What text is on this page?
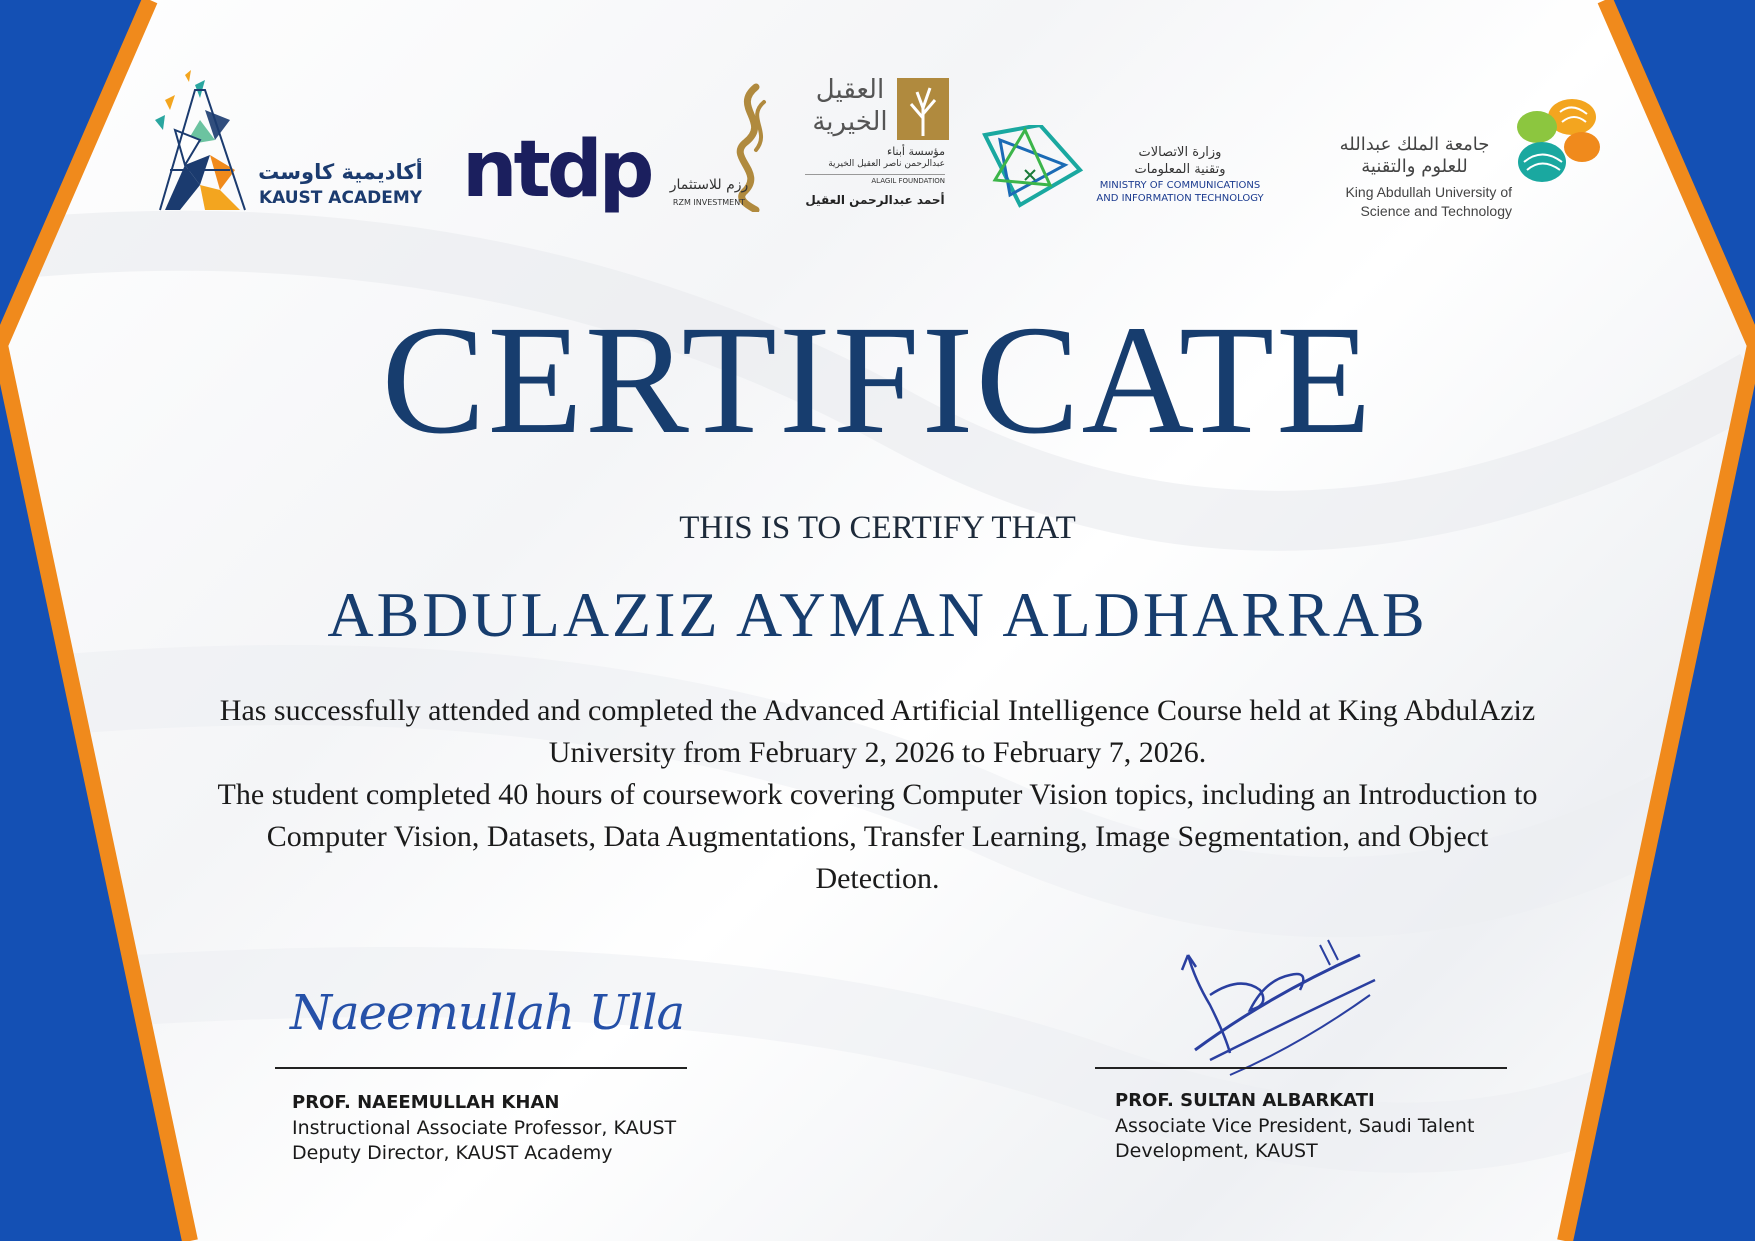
أكاديمية كاوست
KAUST ACADEMY ntdp	رزم للاستثمار
RZM INVESTMENT
العقيل
الخيرية
مؤسسة أبناء
عبدالرحمن ناصر العقيل الخيرية
ALAGIL FOUNDATION
أحمد عبدالرحمن العقيل
وزارة الاتصالات
وتقنية المعلومات
MINISTRY OF COMMUNICATIONS
AND INFORMATION TECHNOLOGY
جامعة الملك عبدالله
للعلوم والتقنية
King Abdullah University of
Science and Technology
CERTIFICATE
THIS IS TO CERTIFY THAT
ABDULAZIZ AYMAN ALDHARRAB

Has successfully attended and completed the Advanced Artificial Intelligence Course held at King AbdulAziz University from February 2, 2026 to February 7, 2026.

The student completed 40 hours of coursework covering Computer Vision topics, including an Introduction to Computer Vision, Datasets, Data Augmentations, Transfer Learning, Image Segmentation, and Object Detection.

Naeemullah Ulla
PROF. NAEEMULLAH KHAN
Instructional Associate Professor, KAUST
Deputy Director, KAUST Academy
PROF. SULTAN ALBARKATI
Associate Vice President, Saudi Talent
Development, KAUST
